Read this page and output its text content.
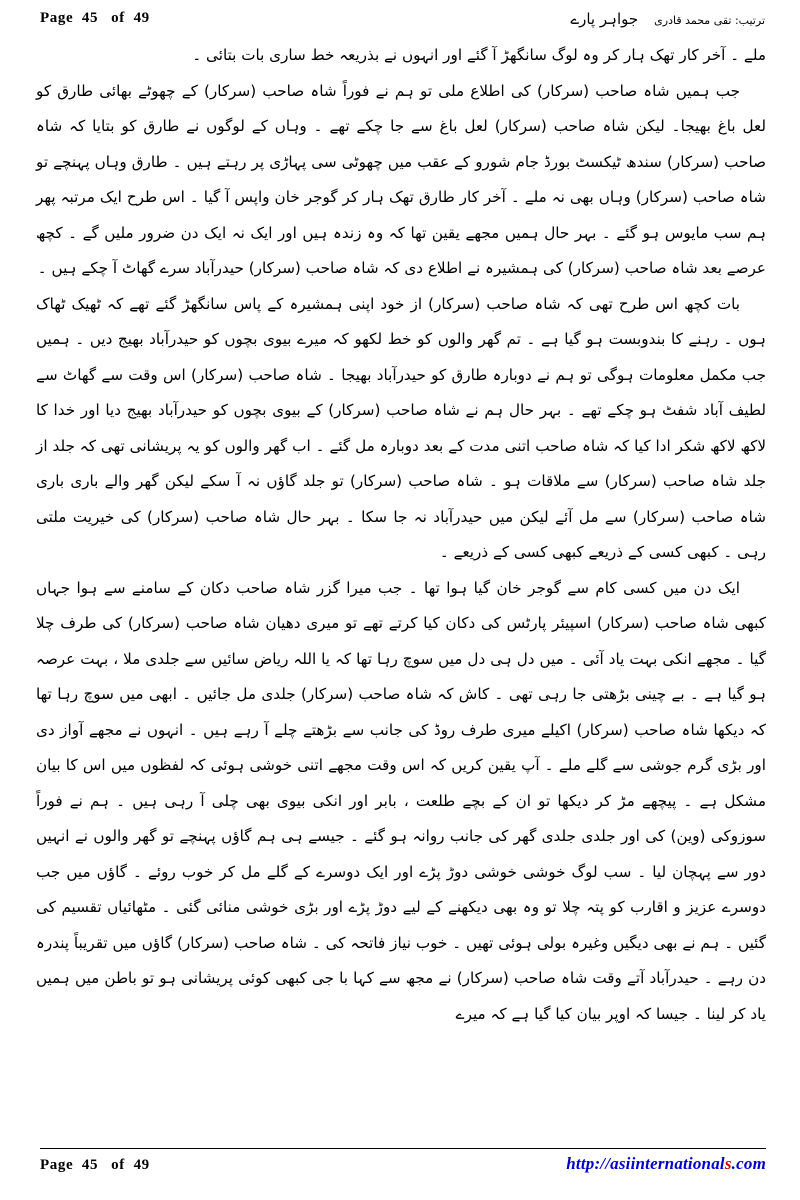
Page  45   of  49	ترتیب: تقی محمد قادری
جواہر پارے

ملے ۔ آخر کار تھک ہار کر وہ لوگ سانگھڑ آ گئے اور انہوں نے بذریعہ خط ساری بات بتائی ۔

جب ہمیں شاہ صاحب (سرکار) کی اطلاع ملی تو ہم نے فوراً شاہ صاحب (سرکار) کے چھوٹے بھائی طارق کو لعل باغ بھیجا۔ لیکن شاہ صاحب (سرکار) لعل باغ سے جا چکے تھے ۔ وہاں کے لوگوں نے طارق کو بتایا کہ شاہ صاحب (سرکار) سندھ ٹیکسٹ بورڈ جام شورو کے عقب میں چھوٹی سی پہاڑی پر رہتے ہیں ۔ طارق وہاں پہنچے تو شاہ صاحب (سرکار) وہاں بھی نہ ملے ۔ آخر کار طارق تھک ہار کر گوجر خان واپس آ گیا ۔ اس طرح ایک مرتبہ پھر ہم سب مایوس ہو گئے ۔ بہر حال ہمیں مجھے یقین تھا کہ وہ زندہ ہیں اور ایک نہ ایک دن ضرور ملیں گے ۔ کچھ عرصے بعد شاہ صاحب (سرکار) کی ہمشیرہ نے اطلاع دی کہ شاہ صاحب (سرکار) حیدرآباد سرے گھاٹ آ چکے ہیں ۔

بات کچھ اس طرح تھی کہ شاہ صاحب (سرکار) از خود اپنی ہمشیرہ کے پاس سانگھڑ گئے تھے کہ ٹھیک ٹھاک ہوں ۔ رہنے کا بندوبست ہو گیا ہے ۔ تم گھر والوں کو خط لکھو کہ میرے بیوی بچوں کو حیدرآباد بھیج دیں ۔ ہمیں جب مکمل معلومات ہوگی تو ہم نے دوبارہ طارق کو حیدرآباد بھیجا ۔ شاہ صاحب (سرکار) اس وقت سے گھاٹ سے لطیف آباد شفٹ ہو چکے تھے ۔ بہر حال ہم نے شاہ صاحب (سرکار) کے بیوی بچوں کو حیدرآباد بھیج دیا اور خدا کا لاکھ لاکھ شکر ادا کیا کہ شاہ صاحب اتنی مدت کے بعد دوبارہ مل گئے ۔ اب گھر والوں کو یہ پریشانی تھی کہ جلد از جلد شاہ صاحب (سرکار) سے ملاقات ہو ۔ شاہ صاحب (سرکار) تو جلد گاؤں نہ آ سکے لیکن گھر والے باری باری شاہ صاحب (سرکار) سے مل آئے لیکن میں حیدرآباد نہ جا سکا ۔ بہر حال شاہ صاحب (سرکار) کی خیریت ملتی رہی ۔ کبھی کسی کے ذریعے کبھی کسی کے ذریعے ۔

ایک دن میں کسی کام سے گوجر خان گیا ہوا تھا ۔ جب میرا گزر شاہ صاحب دکان کے سامنے سے ہوا جہاں کبھی شاہ صاحب (سرکار) اسپیئر پارٹس کی دکان کیا کرتے تھے تو میری دھیان شاہ صاحب (سرکار) کی طرف چلا گیا ۔ مجھے انکی بہت یاد آئی ۔ میں دل ہی دل میں سوچ رہا تھا کہ یا اللہ ریاض سائیں سے جلدی ملا ، بہت عرصہ ہو گیا ہے ۔ بے چینی بڑھتی جا رہی تھی ۔ کاش کہ شاہ صاحب (سرکار) جلدی مل جائیں ۔ ابھی میں سوچ رہا تھا کہ دیکھا شاہ صاحب (سرکار) اکیلے میری طرف روڈ کی جانب سے بڑھتے چلے آ رہے ہیں ۔ انہوں نے مجھے آواز دی اور بڑی گرم جوشی سے گلے ملے ۔ آپ یقین کریں کہ اس وقت مجھے اتنی خوشی ہوئی کہ لفظوں میں اس کا بیان مشکل ہے ۔ پیچھے مڑ کر دیکھا تو ان کے بچے طلعت ، بابر اور انکی بیوی بھی چلی آ رہی ہیں ۔ ہم نے فوراً سوزوکی (وین) کی اور جلدی جلدی گھر کی جانب روانہ ہو گئے ۔ جیسے ہی ہم گاؤں پہنچے تو گھر والوں نے انہیں دور سے پہچان لیا ۔ سب لوگ خوشی خوشی دوڑ پڑے اور ایک دوسرے کے گلے مل کر خوب روئے ۔ گاؤں میں جب دوسرے عزیز و اقارب کو پتہ چلا تو وہ بھی دیکھنے کے لیے دوڑ پڑے اور بڑی خوشی منائی گئی ۔ مٹھائیاں تقسیم کی گئیں ۔ ہم نے بھی دیگیں وغیرہ بولی ہوئی تھیں ۔ خوب نیاز فاتحہ کی ۔ شاہ صاحب (سرکار) گاؤں میں تقریباً پندرہ دن رہے ۔ حیدرآباد آتے وقت شاہ صاحب (سرکار) نے مجھ سے کہا با جی کبھی کوئی پریشانی ہو تو باطن میں ہمیں یاد کر لینا ۔ جیسا کہ اوپر بیان کیا گیا ہے کہ میرے

Page  45   of  49	http://asiinternationals.com
